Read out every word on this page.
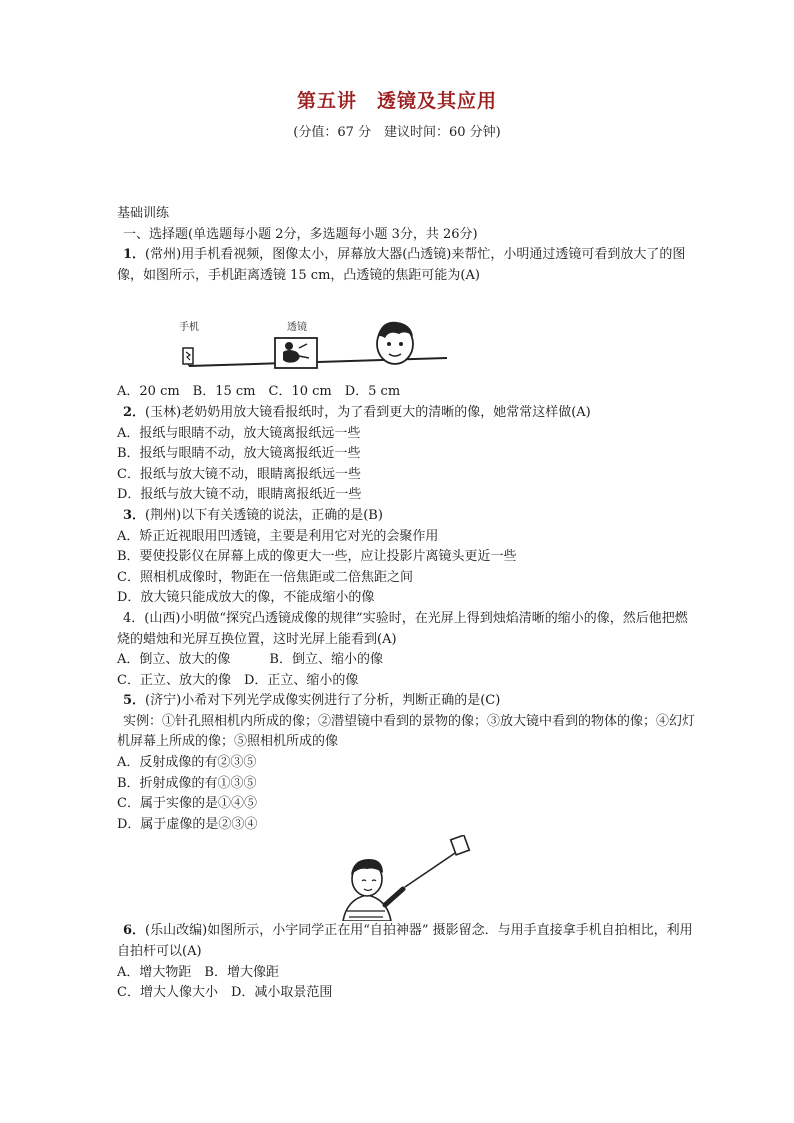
第五讲　透镜及其应用
(分值：67 分　建议时间：60 分钟)
基础训练
一、选择题(单选题每小题 2分，多选题每小题 3分，共 26分)
1．(常州)用手机看视频，图像太小，屏幕放大器(凸透镜)来帮忙，小明通过透镜可看到放大了的图像，如图所示，手机距离透镜 15 cm，凸透镜的焦距可能为(A)
手机	透镜
A．20 cm　B．15 cm　C．10 cm　D．5 cm
2．(玉林)老奶奶用放大镜看报纸时，为了看到更大的清晰的像，她常常这样做(A)
A．报纸与眼睛不动，放大镜离报纸远一些
B．报纸与眼睛不动，放大镜离报纸近一些
C．报纸与放大镜不动，眼睛离报纸远一些
D．报纸与放大镜不动，眼睛离报纸近一些
3．(荆州)以下有关透镜的说法，正确的是(B)
A．矫正近视眼用凹透镜，主要是利用它对光的会聚作用
B．要使投影仪在屏幕上成的像更大一些，应让投影片离镜头更近一些
C．照相机成像时，物距在一倍焦距或二倍焦距之间
D．放大镜只能成放大的像，不能成缩小的像
4．(山西)小明做“探究凸透镜成像的规律”实验时，在光屏上得到烛焰清晰的缩小的像，然后他把燃烧的蜡烛和光屏互换位置，这时光屏上能看到(A)
A．倒立、放大的像　　　B．倒立、缩小的像
C．正立、放大的像　D．正立、缩小的像
5．(济宁)小希对下列光学成像实例进行了分析，判断正确的是(C)
实例：①针孔照相机内所成的像；②潜望镜中看到的景物的像；③放大镜中看到的物体的像；④幻灯机屏幕上所成的像；⑤照相机所成的像
A．反射成像的有②③⑤
B．折射成像的有①③⑤
C．属于实像的是①④⑤
D．属于虚像的是②③④
6．(乐山改编)如图所示，小宇同学正在用“自拍神器” 摄影留念．与用手直接拿手机自拍相比，利用自拍杆可以(A)
A．增大物距　B．增大像距
C．增大人像大小　D．减小取景范围
